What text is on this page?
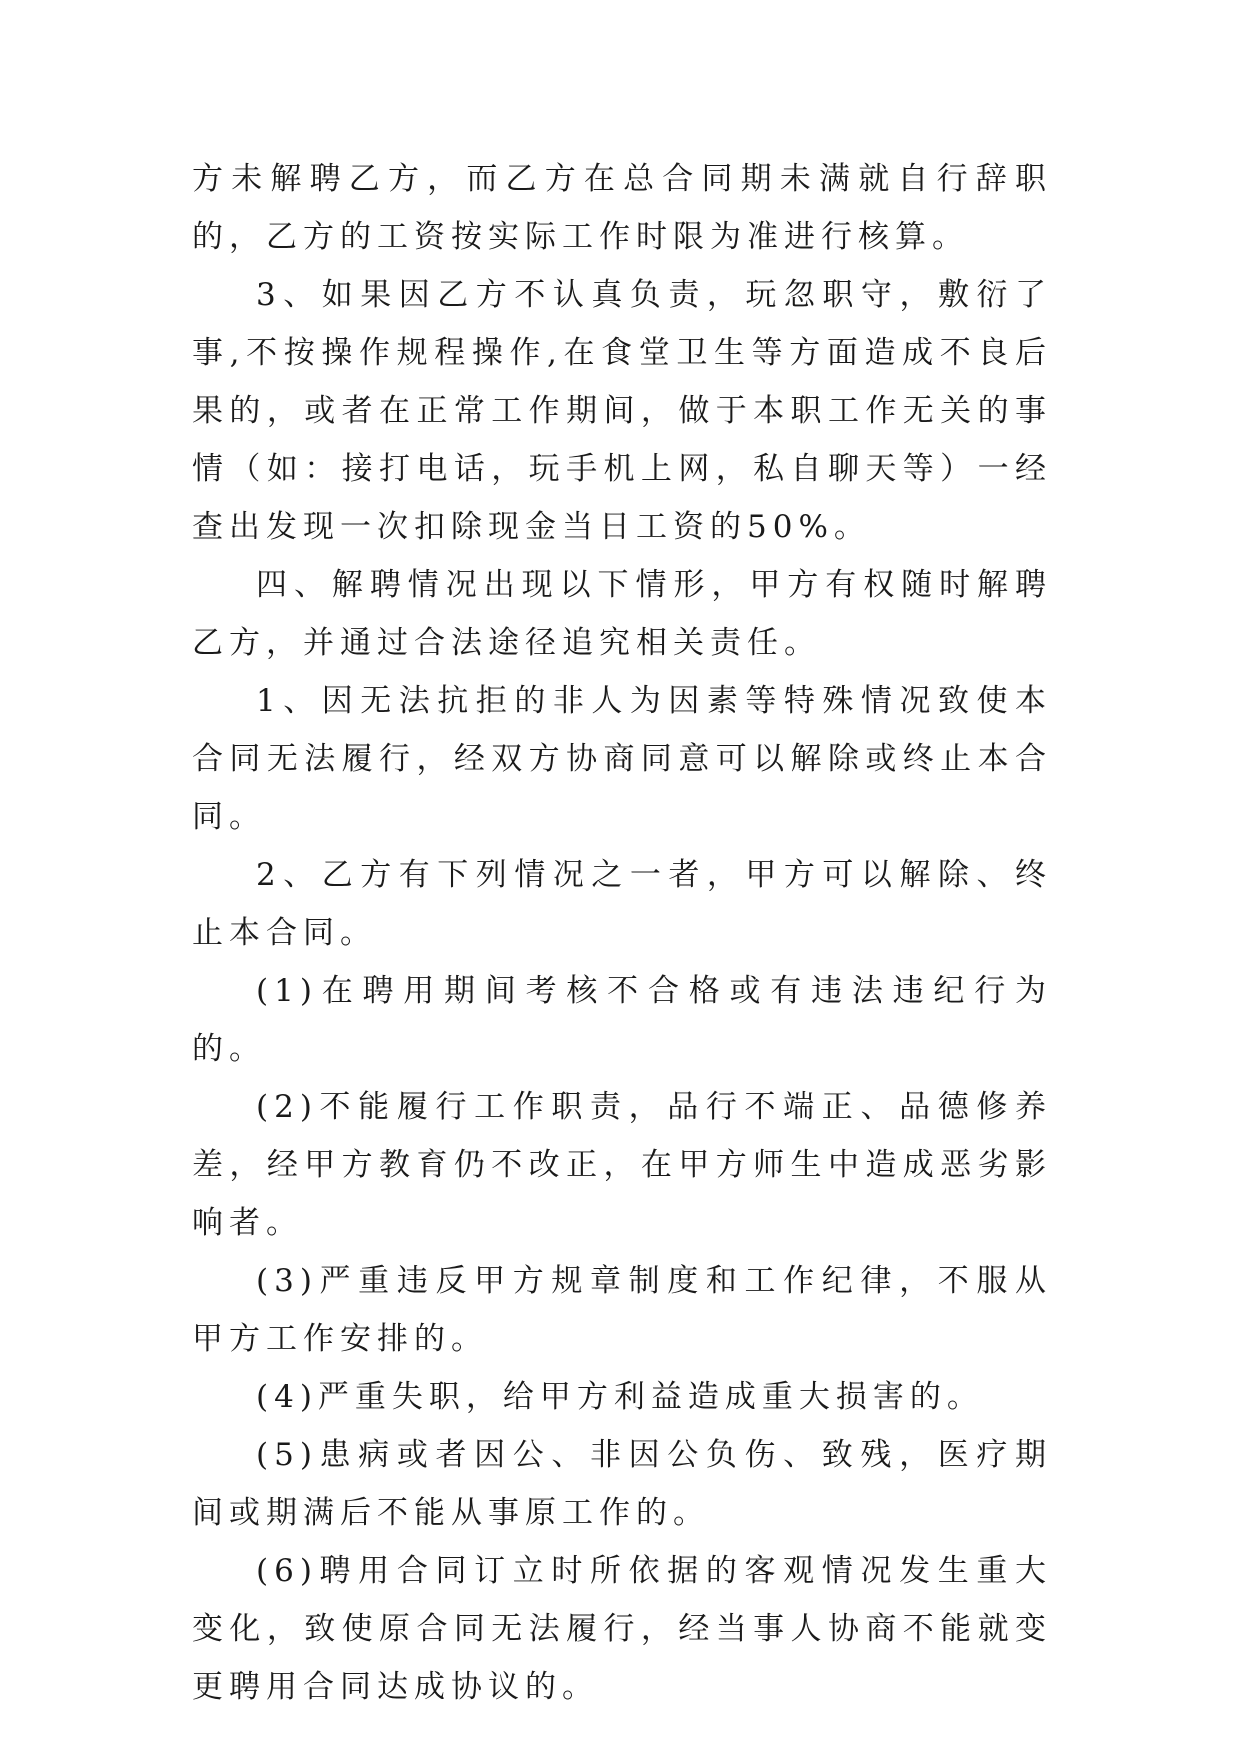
方未解聘乙方，而乙方在总合同期未满就自行辞职的，乙方的工资按实际工作时限为准进行核算。

3、如果因乙方不认真负责，玩忽职守，敷衍了事,不按操作规程操作,在食堂卫生等方面造成不良后果的，或者在正常工作期间，做于本职工作无关的事情（如：接打电话，玩手机上网，私自聊天等）一经查出发现一次扣除现金当日工资的50%。

四、解聘情况出现以下情形，甲方有权随时解聘乙方，并通过合法途径追究相关责任。

1、因无法抗拒的非人为因素等特殊情况致使本合同无法履行，经双方协商同意可以解除或终止本合同。

2、乙方有下列情况之一者，甲方可以解除、终止本合同。

(1)在聘用期间考核不合格或有违法违纪行为的。

(2)不能履行工作职责，品行不端正、品德修养差，经甲方教育仍不改正，在甲方师生中造成恶劣影响者。

(3)严重违反甲方规章制度和工作纪律，不服从甲方工作安排的。

(4)严重失职，给甲方利益造成重大损害的。

(5)患病或者因公、非因公负伤、致残，医疗期间或期满后不能从事原工作的。

(6)聘用合同订立时所依据的客观情况发生重大变化，致使原合同无法履行，经当事人协商不能就变更聘用合同达成协议的。
